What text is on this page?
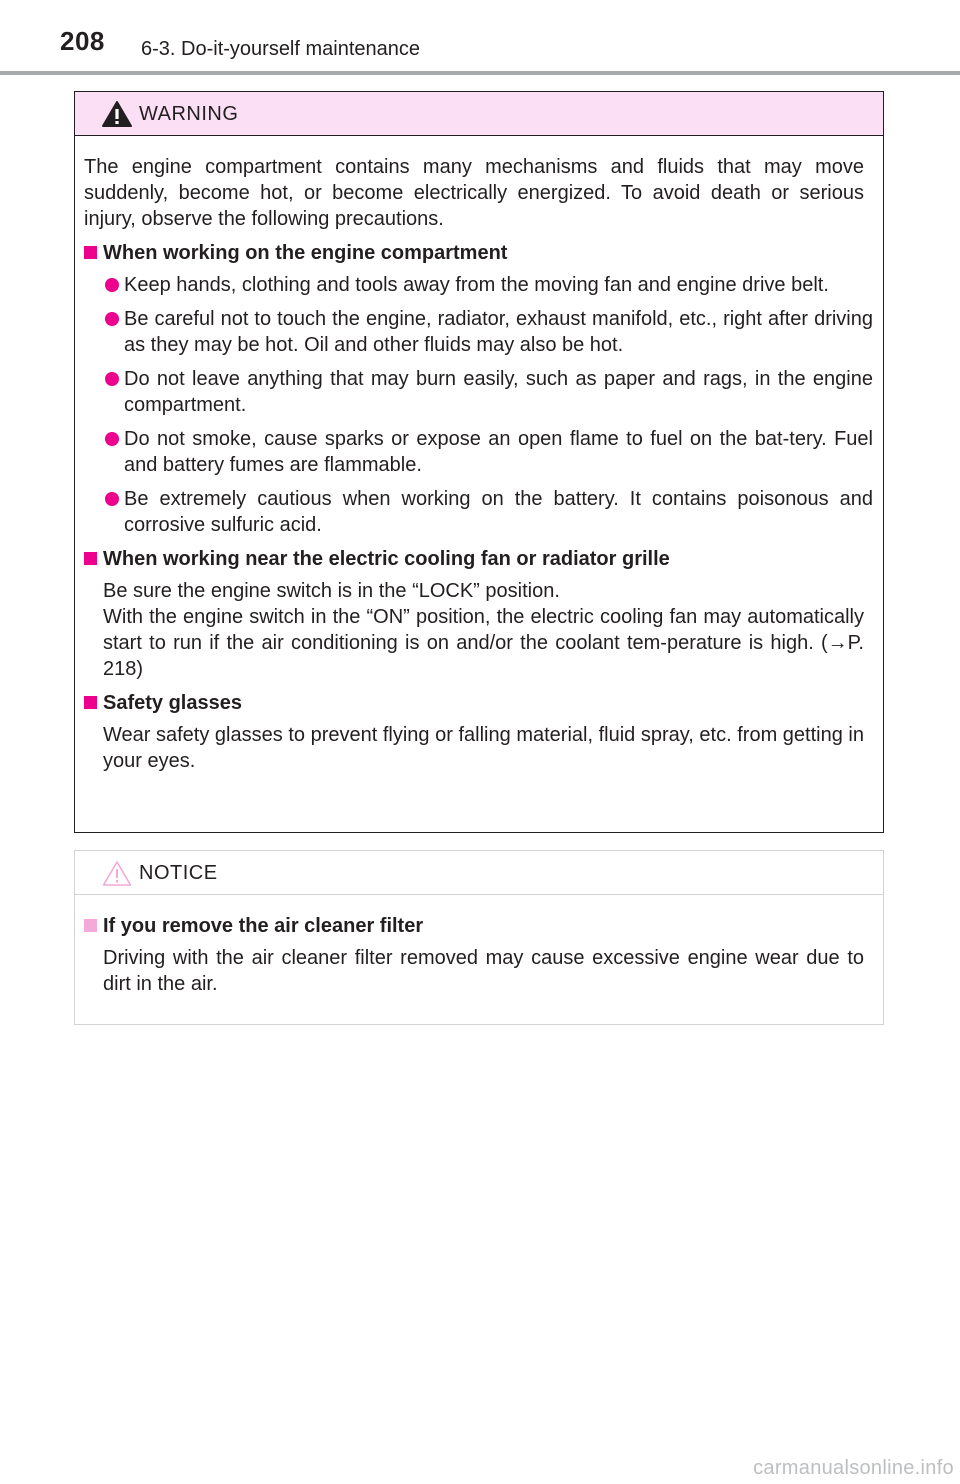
208 6-3. Do-it-yourself maintenance
WARNING

The engine compartment contains many mechanisms and fluids that may move suddenly, become hot, or become electrically energized. To avoid death or serious injury, observe the following precautions.

When working on the engine compartment
Keep hands, clothing and tools away from the moving fan and engine drive belt.
Be careful not to touch the engine, radiator, exhaust manifold, etc., right after driving as they may be hot. Oil and other fluids may also be hot.
Do not leave anything that may burn easily, such as paper and rags, in the engine compartment.
Do not smoke, cause sparks or expose an open flame to fuel on the bat-tery. Fuel and battery fumes are flammable.
Be extremely cautious when working on the battery. It contains poisonous and corrosive sulfuric acid.
When working near the electric cooling fan or radiator grille

Be sure the engine switch is in the “LOCK” position.

With the engine switch in the “ON” position, the electric cooling fan may automatically start to run if the air conditioning is on and/or the coolant tem-perature is high. (→P. 218)

Safety glasses

Wear safety glasses to prevent flying or falling material, fluid spray, etc. from getting in your eyes.

NOTICE
If you remove the air cleaner filter

Driving with the air cleaner filter removed may cause excessive engine wear due to dirt in the air.

carmanualsonline.info
